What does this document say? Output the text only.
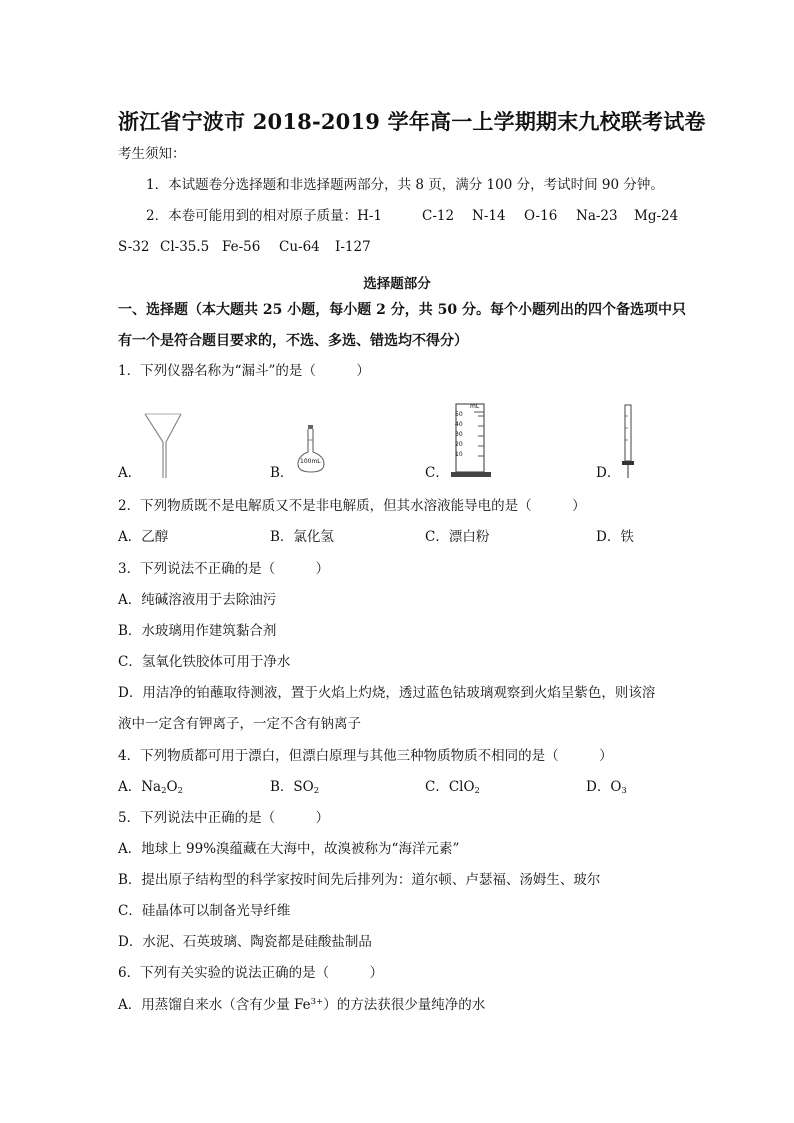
浙江省宁波市 2018-2019 学年高一上学期期末九校联考试卷
考生须知：
1．本试题卷分选择题和非选择题两部分，共 8 页，满分 100 分，考试时间 90 分钟。
2．本卷可能用到的相对原子质量：H-1	C-12 N-14 O-16 Na-23 Mg-24
S-32 Cl-35.5 Fe-56 Cu-64 I-127
选择题部分
一、选择题（本大题共 25 小题，每小题 2 分，共 50 分。每个小题列出的四个备选项中只
有一个是符合题目要求的，不选、多选、错选均不得分）
1．下列仪器名称为“漏斗”的是（　　　）
A．
100mL
B．
mL
50
40
30
20
10
C．	D．
2．下列物质既不是电解质又不是非电解质，但其水溶液能导电的是（　　　）
A．乙醇	B．氯化氢	C．漂白粉	D．铁
3．下列说法不正确的是（　　　）
A．纯碱溶液用于去除油污
B．水玻璃用作建筑黏合剂
C．氢氧化铁胶体可用于净水
D．用洁净的铂蘸取待测液，置于火焰上灼烧，透过蓝色钴玻璃观察到火焰呈紫色，则该溶
液中一定含有钾离子，一定不含有钠离子
4．下列物质都可用于漂白，但漂白原理与其他三种物质物质不相同的是（　　　）
A．$Na_2O_2$	B．$SO_2$	C．ClO$_2$	D．$O_3$
5．下列说法中正确的是（　　　）
A．地球上 99%溴蕴藏在大海中，故溴被称为“海洋元素”
B．提出原子结构型的科学家按时间先后排列为：道尔顿、卢瑟福、汤姆生、玻尔
C．硅晶体可以制备光导纤维
D．水泥、石英玻璃、陶瓷都是硅酸盐制品
6．下列有关实验的说法正确的是（　　　）
A．用蒸馏自来水（含有少量 $Fe^{3+}$）的方法获很少量纯净的水
